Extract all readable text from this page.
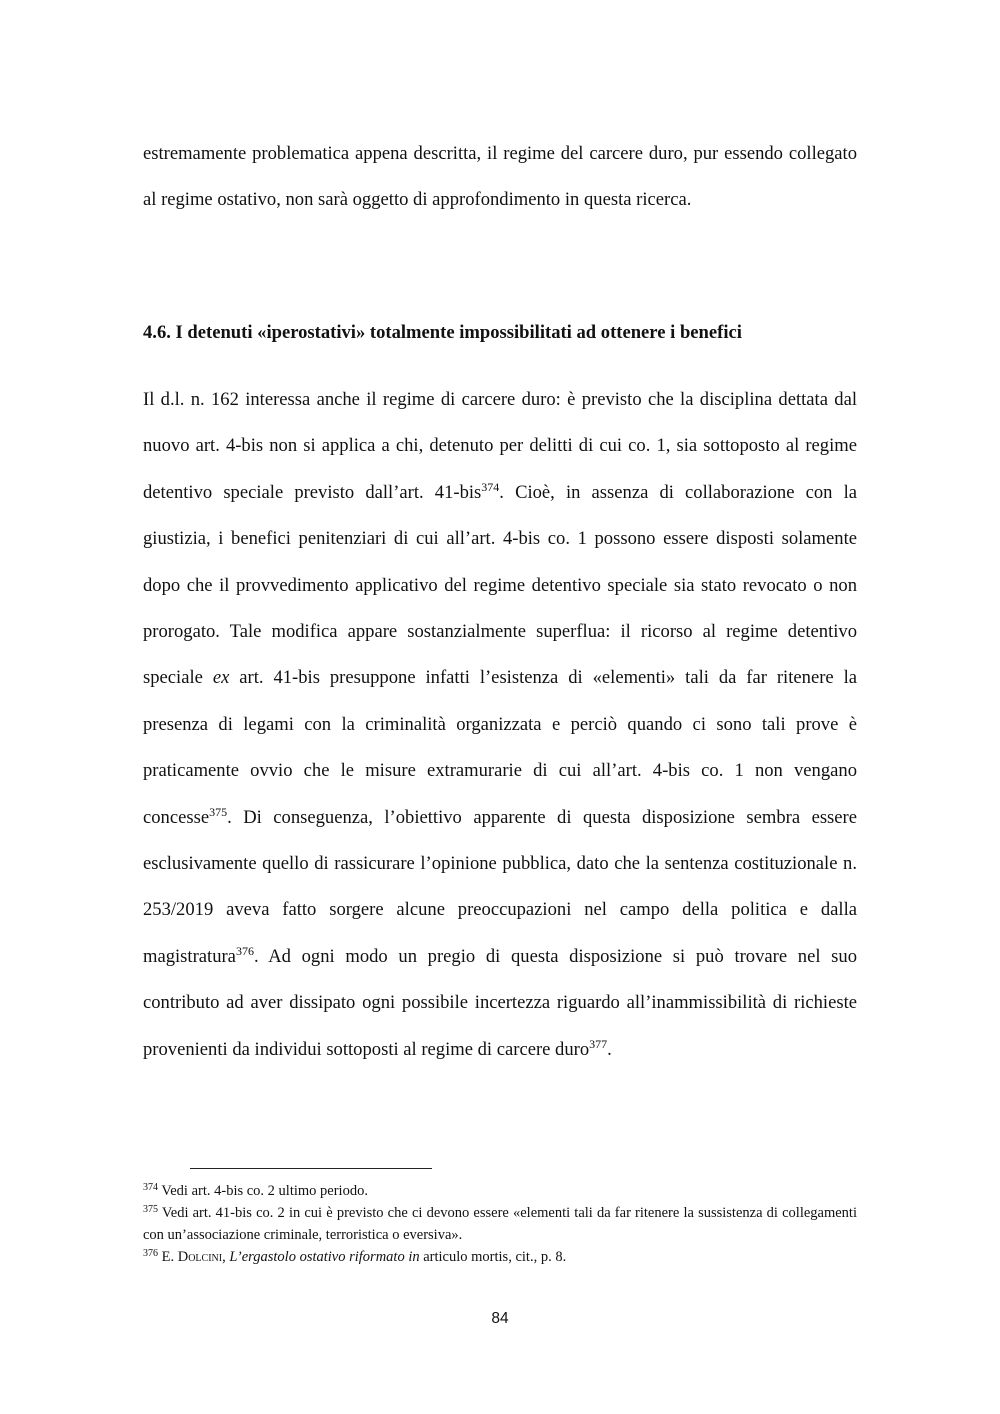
estremamente problematica appena descritta, il regime del carcere duro, pur essendo collegato al regime ostativo, non sarà oggetto di approfondimento in questa ricerca.

4.6. I detenuti «iperostativi» totalmente impossibilitati ad ottenere i benefici

Il d.l. n. 162 interessa anche il regime di carcere duro: è previsto che la disciplina dettata dal nuovo art. 4-bis non si applica a chi, detenuto per delitti di cui co. 1, sia sottoposto al regime detentivo speciale previsto dall’art. 41-bis$^{374}$. Cioè, in assenza di collaborazione con la giustizia, i benefici penitenziari di cui all’art. 4-bis co. 1 possono essere disposti solamente dopo che il provvedimento applicativo del regime detentivo speciale sia stato revocato o non prorogato. Tale modifica appare sostanzialmente superflua: il ricorso al regime detentivo speciale ex art. 41-bis presuppone infatti l’esistenza di «elementi» tali da far ritenere la presenza di legami con la criminalità organizzata e perciò quando ci sono tali prove è praticamente ovvio che le misure extramurarie di cui all’art. 4-bis co. 1 non vengano concesse$^{375}$. Di conseguenza, l’obiettivo apparente di questa disposizione sembra essere esclusivamente quello di rassicurare l’opinione pubblica, dato che la sentenza costituzionale n. 253/2019 aveva fatto sorgere alcune preoccupazioni nel campo della politica e dalla magistratura$^{376}$. Ad ogni modo un pregio di questa disposizione si può trovare nel suo contributo ad aver dissipato ogni possibile incertezza riguardo all’inammissibilità di richieste provenienti da individui sottoposti al regime di carcere duro$^{377}$.

$^{374}$ Vedi art. 4-bis co. 2 ultimo periodo.

$^{375}$ Vedi art. 41-bis co. 2 in cui è previsto che ci devono essere «elementi tali da far ritenere la sussistenza di collegamenti con un’associazione criminale, terroristica o eversiva».

$^{376}$ E. Dolcini, L’ergastolo ostativo riformato in articulo mortis, cit., p. 8.

84
